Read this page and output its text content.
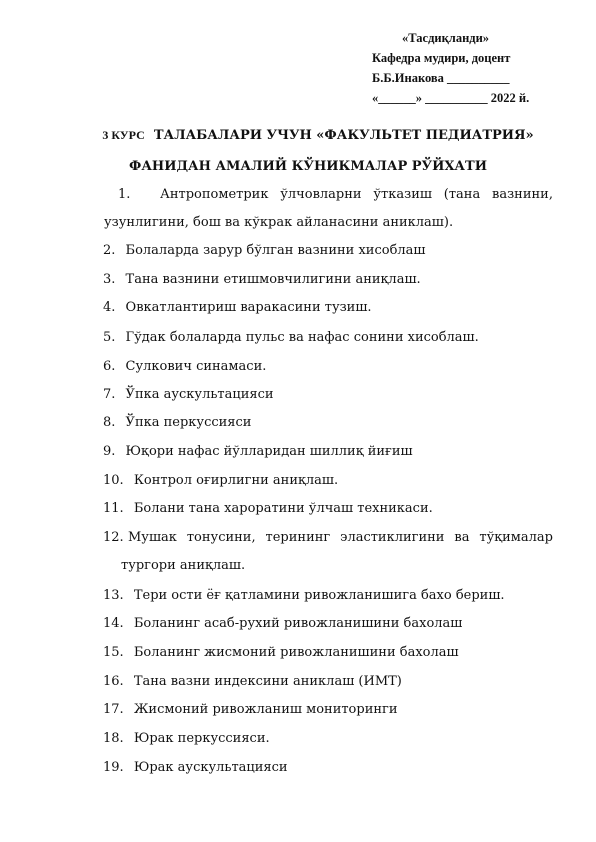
«Тасдиқланди»
Кафедра мудири, доцент
Б.Б.Инакова __________
«______» __________ 2022 й.
3 КУРС ТАЛАБАЛАРИ УЧУН «ФАКУЛЬТЕТ ПЕДИАТРИЯ»
ФАНИДАН АМАЛИЙ КЎНИКМАЛАР РЎЙХАТИ
1. Антропометрик ўлчовларни ўтказиш (тана вазнини,
узунлигини, бош ва кўкрак айланасини аниклаш).
2. Болаларда зарур бўлган вазнини хисоблаш
3. Тана вазнини етишмовчилигини аниқлаш.
4. Овкатлантириш варакасини тузиш.
5. Гўдак болаларда пульс ва нафас сонини хисоблаш.
6. Сулкович синамаси.
7. Ўпка аускультацияси
8. Ўпка перкуссияси
9. Юқори нафас йўлларидан шиллиқ йиғиш
10. Контрол оғирлигни аниқлаш.
11. Болани тана хароратини ўлчаш техникаси.
12. Мушак тонусини, терининг эластиклигини ва тўқималар
тургори аниқлаш.
13. Тери ости ёғ қатламини ривожланишига бахо бериш.
14. Боланинг асаб-рухий ривожланишини бахолаш
15. Боланинг жисмоний ривожланишини бахолаш
16. Тана вазни индексини аниклаш (ИМТ)
17. Жисмоний ривожланиш мониторинги
18. Юрак перкуссияси.
19. Юрак аускультацияси
